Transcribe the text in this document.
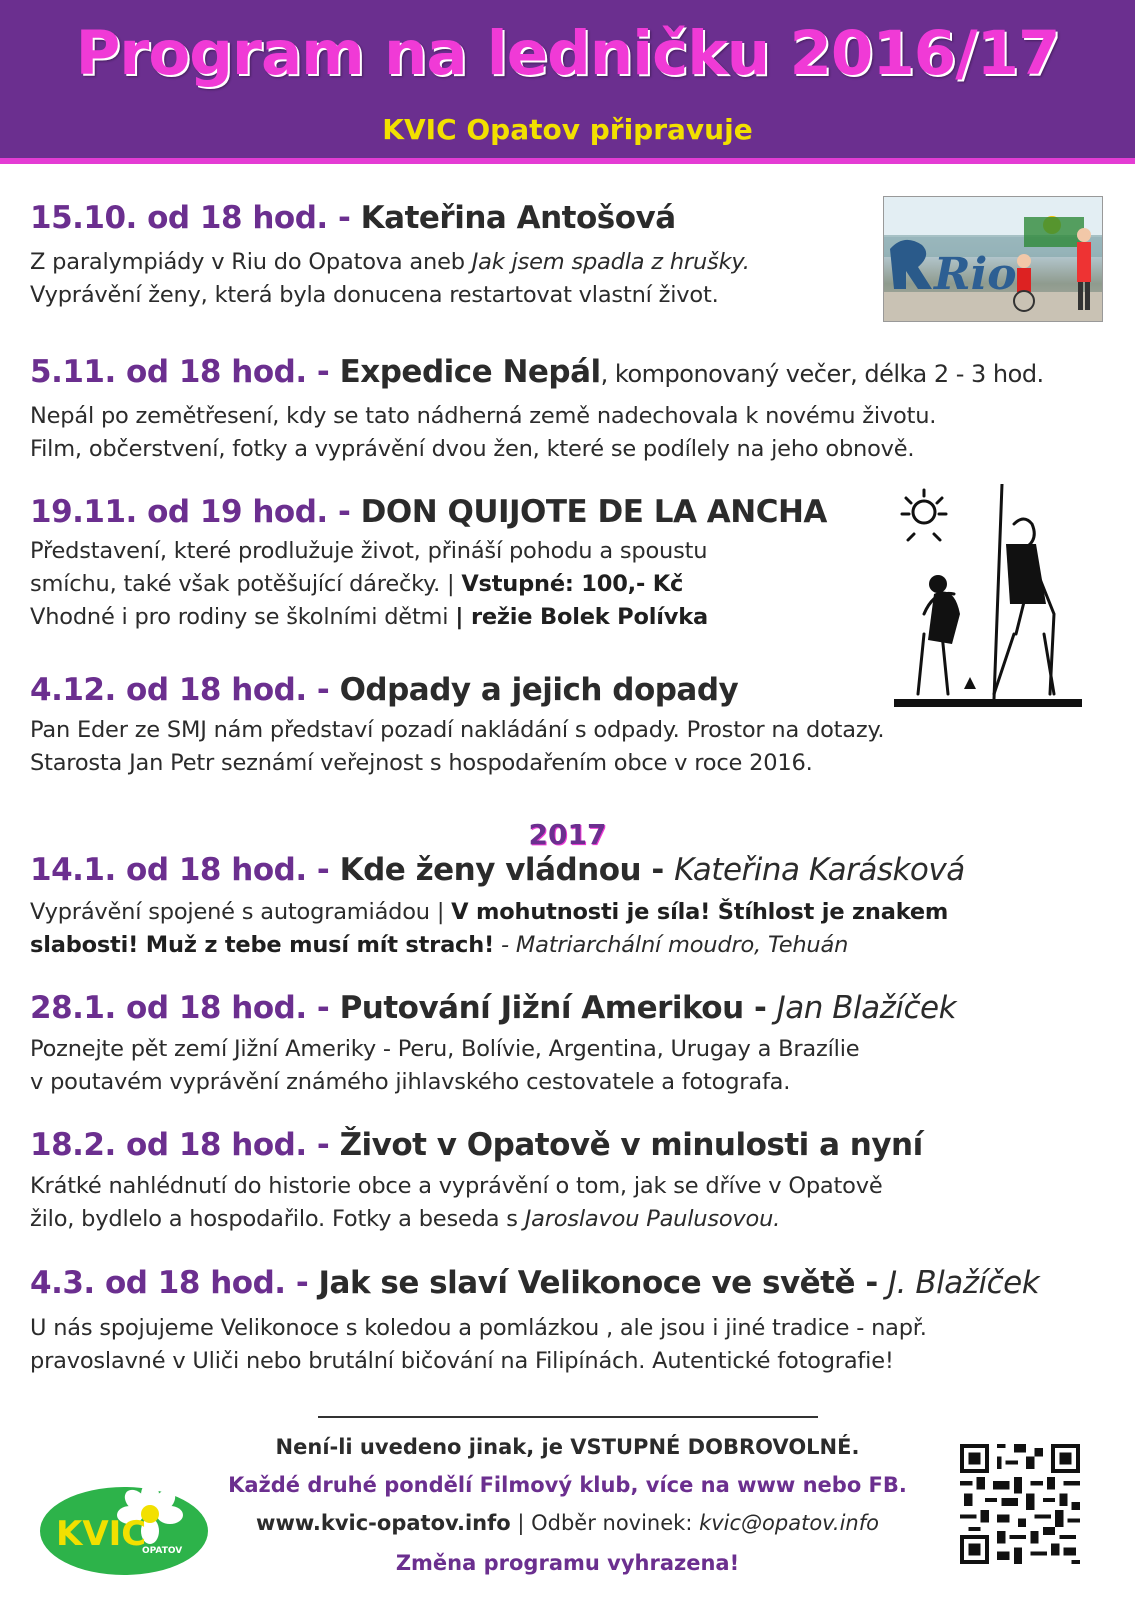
Program na ledničku 2016/17
KVIC Opatov připravuje
15.10. od 18 hod. - Kateřina Antošová
Z paralympiády v Riu do Opatova aneb Jak jsem spadla z hrušky.
Vyprávění ženy, která byla donucena restartovat vlastní život.	Rio
5.11. od 18 hod. - Expedice Nepál, komponovaný večer, délka 2 - 3 hod.
Nepál po zemětřesení, kdy se tato nádherná země nadechovala k novému životu.
Film, občerstvení, fotky a vyprávění dvou žen, které se podílely na jeho obnově.
19.11. od 19 hod. - DON QUIJOTE DE LA ANCHA
Představení, které prodlužuje život, přináší pohodu a spoustu
smíchu, také však potěšující dárečky. | Vstupné: 100,- Kč
Vhodné i pro rodiny se školními dětmi | režie Bolek Polívka
4.12. od 18 hod. - Odpady a jejich dopady
Pan Eder ze SMJ nám představí pozadí nakládání s odpady. Prostor na dotazy.
Starosta Jan Petr seznámí veřejnost s hospodařením obce v roce 2016.
2017
14.1. od 18 hod. - Kde ženy vládnou - Kateřina Karásková
Vyprávění spojené s autogramiádou | V mohutnosti je síla! Štíhlost je znakem
slabosti! Muž z tebe musí mít strach! - Matriarchální moudro, Tehuán
28.1. od 18 hod. - Putování Jižní Amerikou - Jan Blažíček
Poznejte pět zemí Jižní Ameriky - Peru, Bolívie, Argentina, Urugay a Brazílie
v poutavém vyprávění známého jihlavského cestovatele a fotografa.
18.2. od 18 hod. - Život v Opatově v minulosti a nyní
Krátké nahlédnutí do historie obce a vyprávění o tom, jak se dříve v Opatově
žilo, bydlelo a hospodařilo. Fotky a beseda s Jaroslavou Paulusovou.
4.3. od 18 hod. - Jak se slaví Velikonoce ve světě - J. Blažíček
U nás spojujeme Velikonoce s koledou a pomlázkou , ale jsou i jiné tradice - např.
pravoslavné v Uliči nebo brutální bičování na Filipínách. Autentické fotografie!
Není-li uvedeno jinak, je VSTUPNÉ DOBROVOLNÉ.
Každé druhé pondělí Filmový klub, více na www nebo FB.
www.kvic-opatov.info | Odběr novinek: kvic@opatov.info
Změna programu vyhrazena!
KVIC
OPATOV
